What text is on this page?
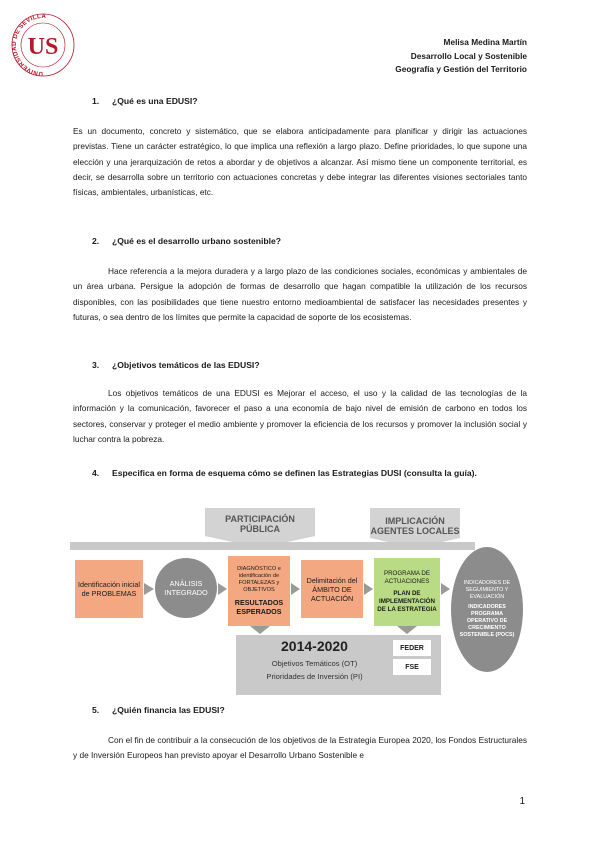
UNIVERSIDAD DE SEVILLA
US	Melisa Medina Martín
Desarrollo Local y Sostenible
Geografía y Gestión del Territorio
1. ¿Qué es una EDUSI?
Es un documento, concreto y sistemático, que se elabora anticipadamente para planificar y dirigir las actuaciones previstas. Tiene un carácter estratégico, lo que implica una reflexión a largo plazo. Define prioridades, lo que supone una elección y una jerarquización de retos a abordar y de objetivos a alcanzar. Así mismo tiene un componente territorial, es decir, se desarrolla sobre un territorio con actuaciones concretas y debe integrar las diferentes visiones sectoriales tanto físicas, ambientales, urbanísticas, etc.
2. ¿Qué es el desarrollo urbano sostenible?
Hace referencia a la mejora duradera y a largo plazo de las condiciones sociales, económicas y ambientales de un área urbana. Persigue la adopción de formas de desarrollo que hagan compatible la utilización de los recursos disponibles, con las posibilidades que tiene nuestro entorno medioambiental de satisfacer las necesidades presentes y futuras, o sea dentro de los límites que permite la capacidad de soporte de los ecosistemas.
3. ¿Objetivos temáticos de las EDUSI?
Los objetivos temáticos de una EDUSI es Mejorar el acceso, el uso y la calidad de las tecnologías de la información y la comunicación, favorecer el paso a una economía de bajo nivel de emisión de carbono en todos los sectores, conservar y proteger el medio ambiente y promover la eficiencia de los recursos y promover la inclusión social y luchar contra la pobreza.
4. Especifica en forma de esquema cómo se definen las Estrategias DUSI (consulta la guía).
PARTICIPACIÓN PÚBLICA
IMPLICACIÓN AGENTES LOCALES
Identificación inicial de PROBLEMAS
ANÁLISIS INTEGRADO
DIAGNÓSTICO e identificación de FORTALEZAS y OBJETIVOS
RESULTADOS ESPERADOS
Delimitación del ÁMBITO DE ACTUACIÓN
PROGRAMA DE ACTUACIONES
PLAN DE IMPLEMENTACIÓN DE LA ESTRATEGIA
INDICADORES DE SEGUIMIENTO Y EVALUACIÓN
INDICADORES PROGRAMA OPERATIVO DE CRECIMIENTO SOSTENIBLE (POCS)
2014-2020
Objetivos Temáticos (OT)
Prioridades de Inversión (PI)
FEDER
FSE
5. ¿Quién financia las EDUSI?
Con el fin de contribuir a la consecución de los objetivos de la Estrategia Europea 2020, los Fondos Estructurales y de Inversión Europeos han previsto apoyar el Desarrollo Urbano Sostenible e
1
